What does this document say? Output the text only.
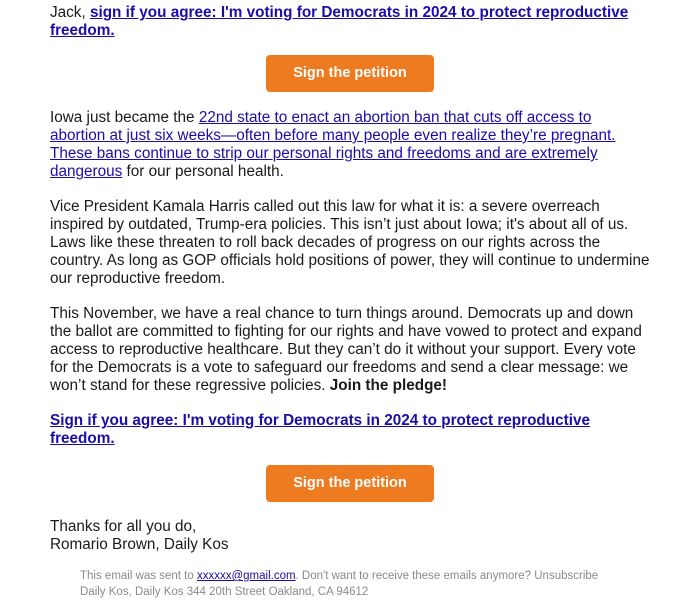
Jack, sign if you agree: I'm voting for Democrats in 2024 to protect reproductive freedom.

Sign the petition

Iowa just became the 22nd state to enact an abortion ban that cuts off access to abortion at just six weeks—often before many people even realize they’re pregnant. These bans continue to strip our personal rights and freedoms and are extremely dangerous for our personal health.

Vice President Kamala Harris called out this law for what it is: a severe overreach inspired by outdated, Trump-era policies. This isn’t just about Iowa; it's about all of us. Laws like these threaten to roll back decades of progress on our rights across the country. As long as GOP officials hold positions of power, they will continue to undermine our reproductive freedom.

This November, we have a real chance to turn things around. Democrats up and down the ballot are committed to fighting for our rights and have vowed to protect and expand access to reproductive healthcare. But they can’t do it without your support. Every vote for the Democrats is a vote to safeguard our freedoms and send a clear message: we won’t stand for these regressive policies. Join the pledge!

Sign if you agree: I'm voting for Democrats in 2024 to protect reproductive freedom.

Sign the petition

Thanks for all you do,
Romario Brown, Daily Kos

This email was sent to xxxxxx@gmail.com. Don't want to receive these emails anymore? Unsubscribe
Daily Kos, Daily Kos 344 20th Street Oakland, CA 94612
